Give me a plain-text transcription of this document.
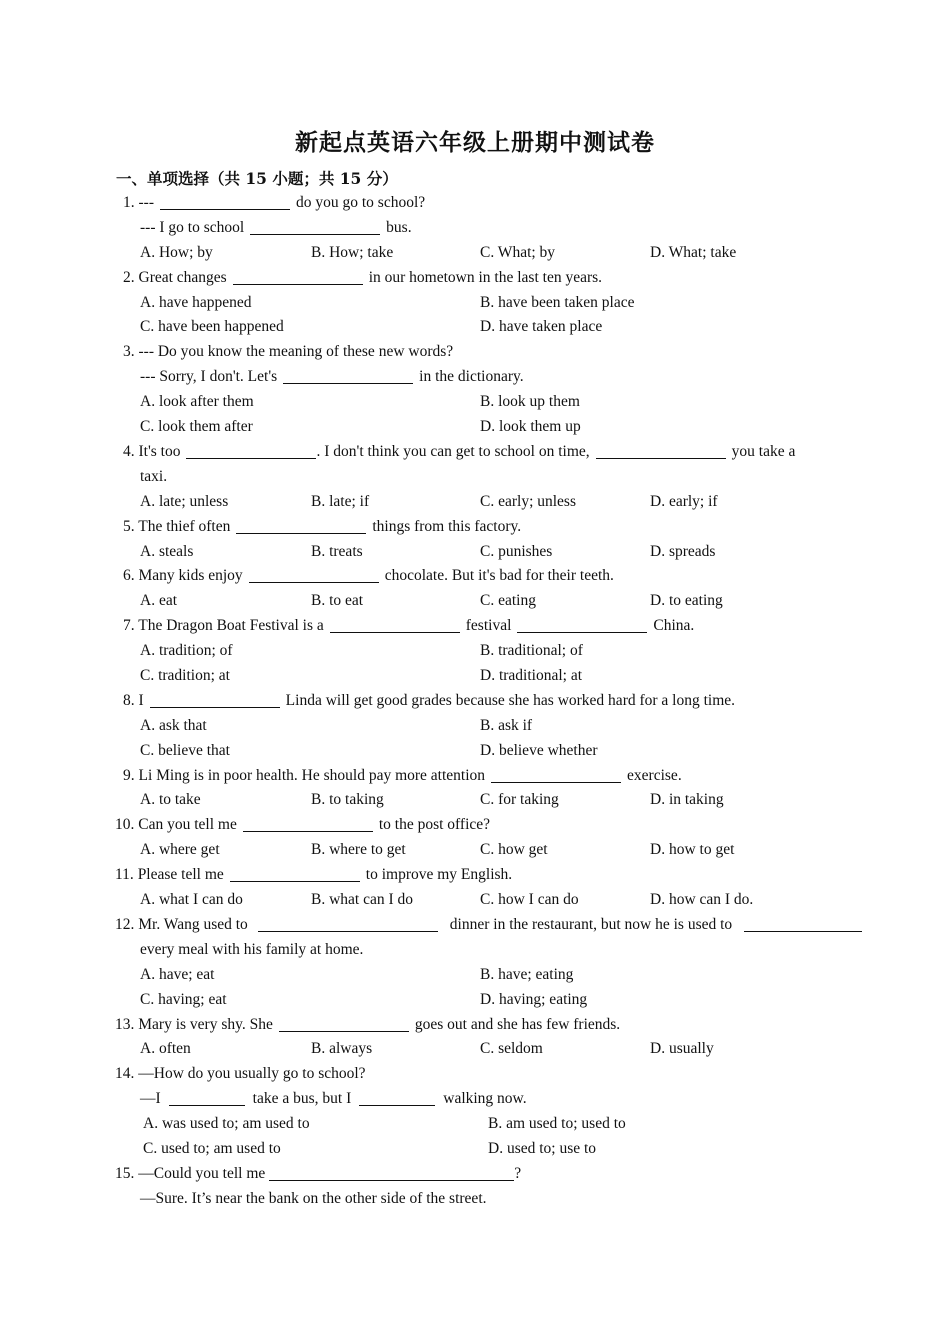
新起点英语六年级上册期中测试卷
一、单项选择（共 15 小题；共 15 分）
1. ---	do you go to school?
--- I go to school	bus.
A. How; by	B. How; take	C. What; by	D. What; take
2. Great changes	in our hometown in the last ten years.
A. have happened	B. have been taken place
C. have been happened	D. have taken place
3. --- Do you know the meaning of these new words?
--- Sorry, I don't. Let's	in the dictionary.
A. look after them	B. look up them
C. look them after	D. look them up
4. It's too	. I don't think you can get to school on time,	you take a
taxi.
A. late; unless	B. late; if	C. early; unless	D. early; if
5. The thief often	things from this factory.
A. steals	B. treats	C. punishes	D. spreads
6. Many kids enjoy	chocolate. But it's bad for their teeth.
A. eat	B. to eat	C. eating	D. to eating
7. The Dragon Boat Festival is a	festival	China.
A. tradition; of	B. traditional; of
C. tradition; at	D. traditional; at
8. I	Linda will get good grades because she has worked hard for a long time.
A. ask that	B. ask if
C. believe that	D. believe whether
9. Li Ming is in poor health. He should pay more attention	exercise.
A. to take	B. to taking	C. for taking	D. in taking
10. Can you tell me	to the post office?
A. where get	B. where to get	C. how get	D. how to get
11. Please tell me	to improve my English.
A. what I can do	B. what can I do	C. how I can do	D. how can I do.
12. Mr. Wang used to	dinner in the restaurant, but now he is used to
every meal with his family at home.
A. have; eat	B. have; eating
C. having; eat	D. having; eating
13. Mary is very shy. She	goes out and she has few friends.
A. often	B. always	C. seldom	D. usually
14. —How do you usually go to school?
—I	take a bus, but I	walking now.
A. was used to; am used to	B. am used to; used to
C. used to; am used to	D. used to; use to
15. —Could you tell me	?
—Sure. It’s near the bank on the other side of the street.
